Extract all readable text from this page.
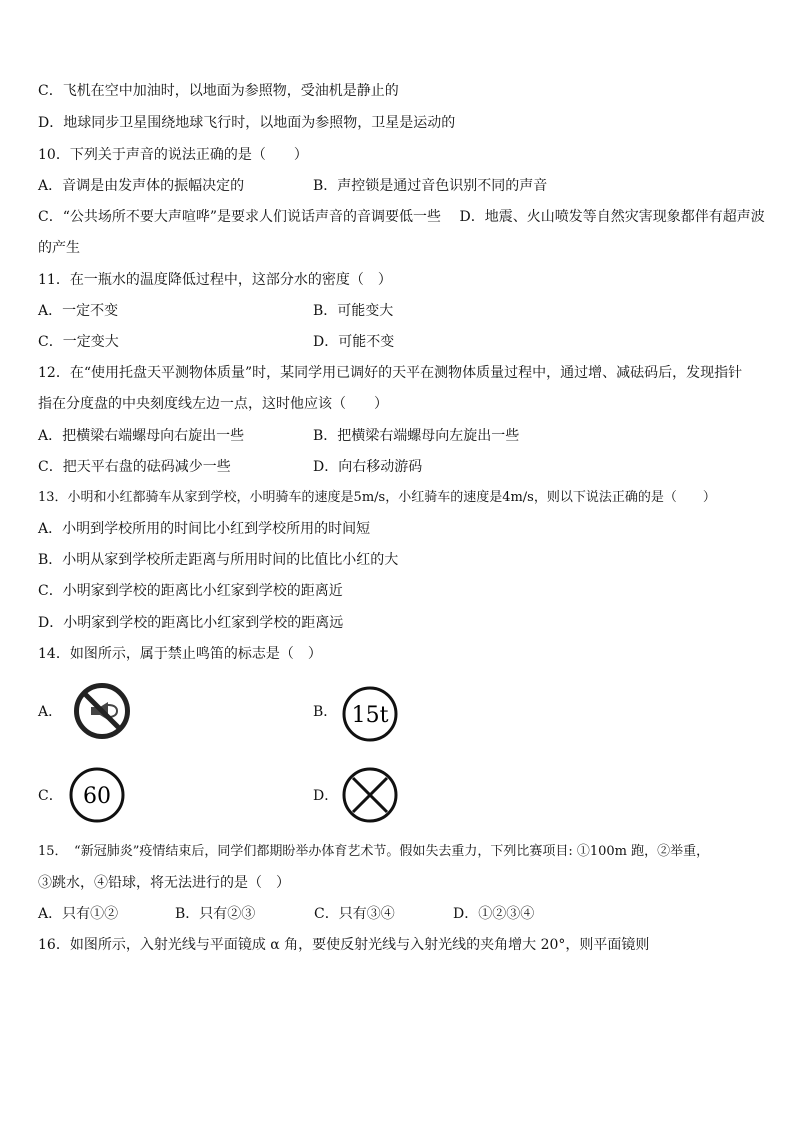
C．飞机在空中加油时，以地面为参照物，受油机是静止的
D．地球同步卫星围绕地球飞行时，以地面为参照物，卫星是运动的
10．下列关于声音的说法正确的是（　　）
A．音调是由发声体的振幅决定的	B．声控锁是通过音色识别不同的声音
C．“公共场所不要大声喧哗”是要求人们说话声音的音调要低一些　 D．地震、火山喷发等自然灾害现象都伴有超声波
的产生
11．在一瓶水的温度降低过程中，这部分水的密度（　）
A．一定不变	B．可能变大
C．一定变大	D．可能不变
12．在“使用托盘天平测物体质量”时，某同学用已调好的天平在测物体质量过程中，通过增、减砝码后，发现指针
指在分度盘的中央刻度线左边一点，这时他应该（　　）
A．把横梁右端螺母向右旋出一些	B．把横梁右端螺母向左旋出一些
C．把天平右盘的砝码减少一些	D．向右移动游码
13．小明和小红都骑车从家到学校，小明骑车的速度是5m/s，小红骑车的速度是4m/s，则以下说法正确的是（　　）
A．小明到学校所用的时间比小红到学校所用的时间短
B．小明从家到学校所走距离与所用时间的比值比小红的大
C．小明家到学校的距离比小红家到学校的距离近
D．小明家到学校的距离比小红家到学校的距离远
14．如图所示，属于禁止鸣笛的标志是（　）
A．	B． 15t
C． 60	D．
15．　“新冠肺炎”疫情结束后，同学们都期盼举办体育艺术节。假如失去重力，下列比赛项目: ①100m 跑，②举重，
③跳水，④铅球，将无法进行的是（　）
A．只有①②	B．只有②③	C．只有③④	D．①②③④
16．如图所示，入射光线与平面镜成 α 角，要使反射光线与入射光线的夹角增大 20°，则平面镜则
